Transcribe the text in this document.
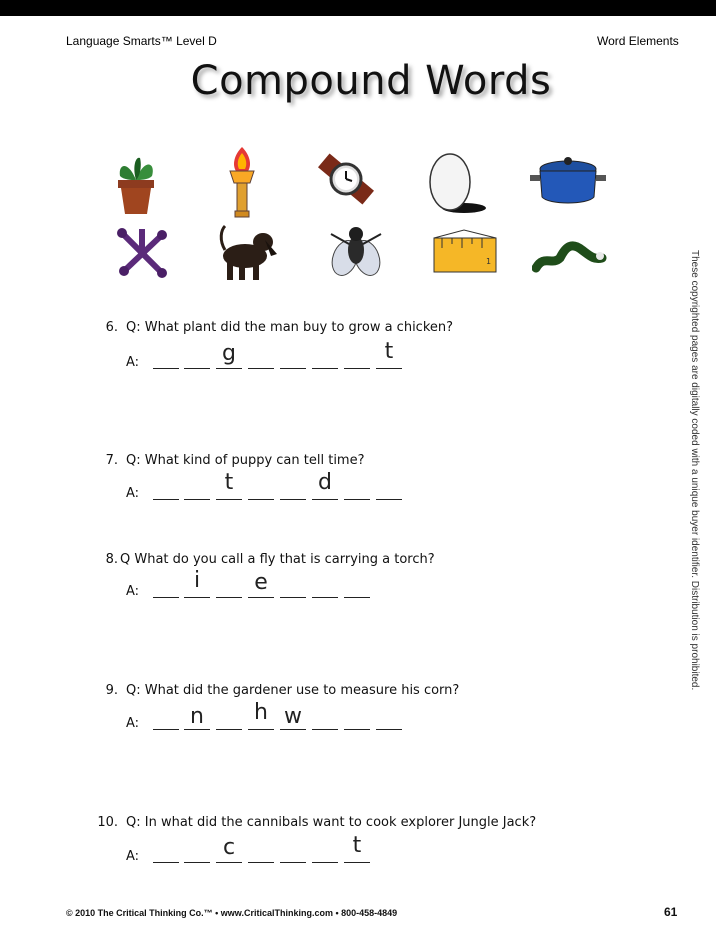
Language Smarts™ Level D	Word Elements
Compound Words
1
6. Q: What plant did the man buy to grow a chicken?
A:	g	t
7. Q: What kind of puppy can tell time?
A:	t	d
8. Q What do you call a fly that is carrying a torch?
A:	i	e
9. Q: What did the gardener use to measure his corn?
A: n h w
10. Q: In what did the cannibals want to cook explorer Jungle Jack?
A:	c	t
These copyrighted pages are digitally coded with a unique buyer identifier. Distribution is prohibited.
© 2010 The Critical Thinking Co.™ • www.CriticalThinking.com • 800-458-4849	61
